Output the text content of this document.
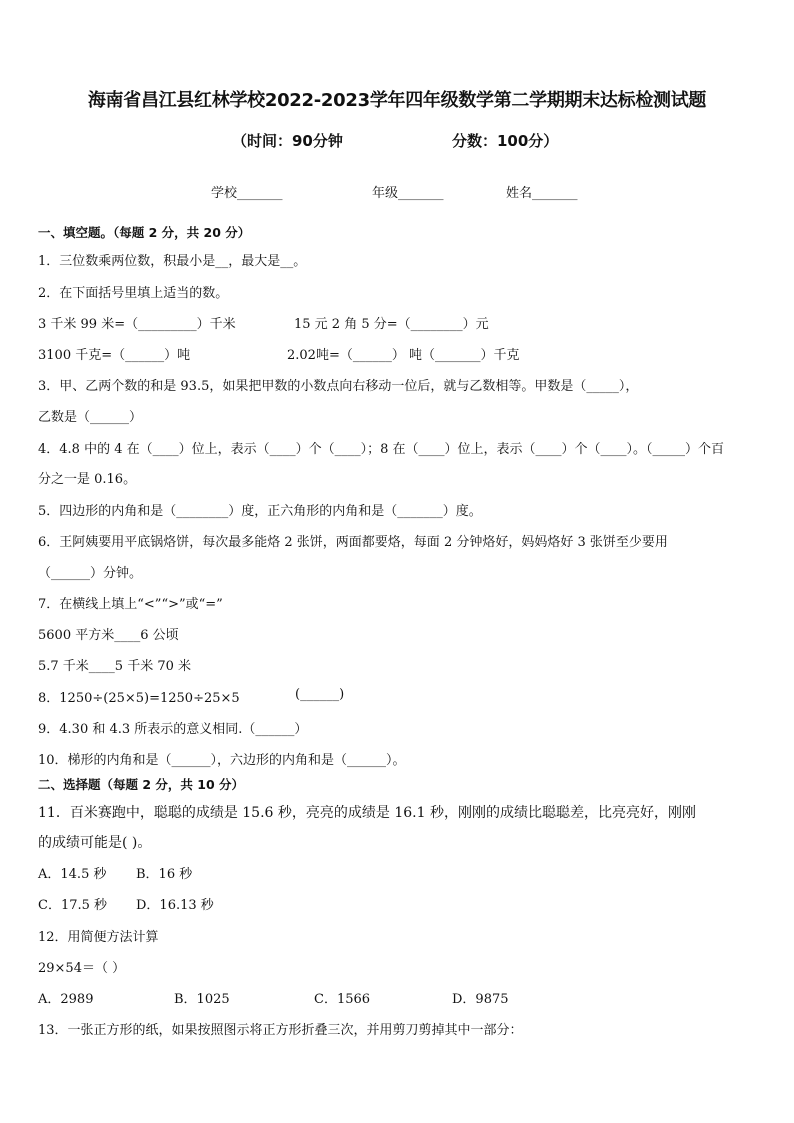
海南省昌江县红林学校2022-2023学年四年级数学第二学期期末达标检测试题
（时间：90分钟	分数：100分）
学校_______	年级_______	姓名_______
一、填空题。（每题 2 分，共 20 分）
1．三位数乘两位数，积最小是__，最大是__。
2．在下面括号里填上适当的数。
3 千米 99 米=（_________）千米	15 元 2 角 5 分=（________）元
3100 千克=（______）吨	2.02吨=（______） 吨（_______）千克
3．甲、乙两个数的和是 93.5，如果把甲数的小数点向右移动一位后，就与乙数相等。甲数是（_____），
乙数是（______）
4．4.8 中的 4 在（____）位上，表示（____）个（____）；8 在（____）位上，表示（____）个（____）。（_____）个百
分之一是 0.16。
5．四边形的内角和是（________）度，正六角形的内角和是（_______）度。
6．王阿姨要用平底锅烙饼，每次最多能烙 2 张饼，两面都要烙，每面 2 分钟烙好，妈妈烙好 3 张饼至少要用
（______）分钟。
7．在横线上填上“<”“>”或“=”
5600 平方米____6 公顷
5.7 千米____5 千米 70 米
8．1250÷(25×5)=1250÷25×5	(______)
9．4.30 和 4.3 所表示的意义相同.（______）
10．梯形的内角和是（______），六边形的内角和是（______）。
二、选择题（每题 2 分，共 10 分）
11．百米赛跑中，聪聪的成绩是 15.6 秒，亮亮的成绩是 16.1 秒，刚刚的成绩比聪聪差，比亮亮好，刚刚
的成绩可能是( )。
A．14.5 秒 B．16 秒
C．17.5 秒 D．16.13 秒
12．用简便方法计算
29×54＝（ ）
A．2989	B．1025	C．1566	D．9875
13．一张正方形的纸，如果按照图示将正方形折叠三次，并用剪刀剪掉其中一部分：
